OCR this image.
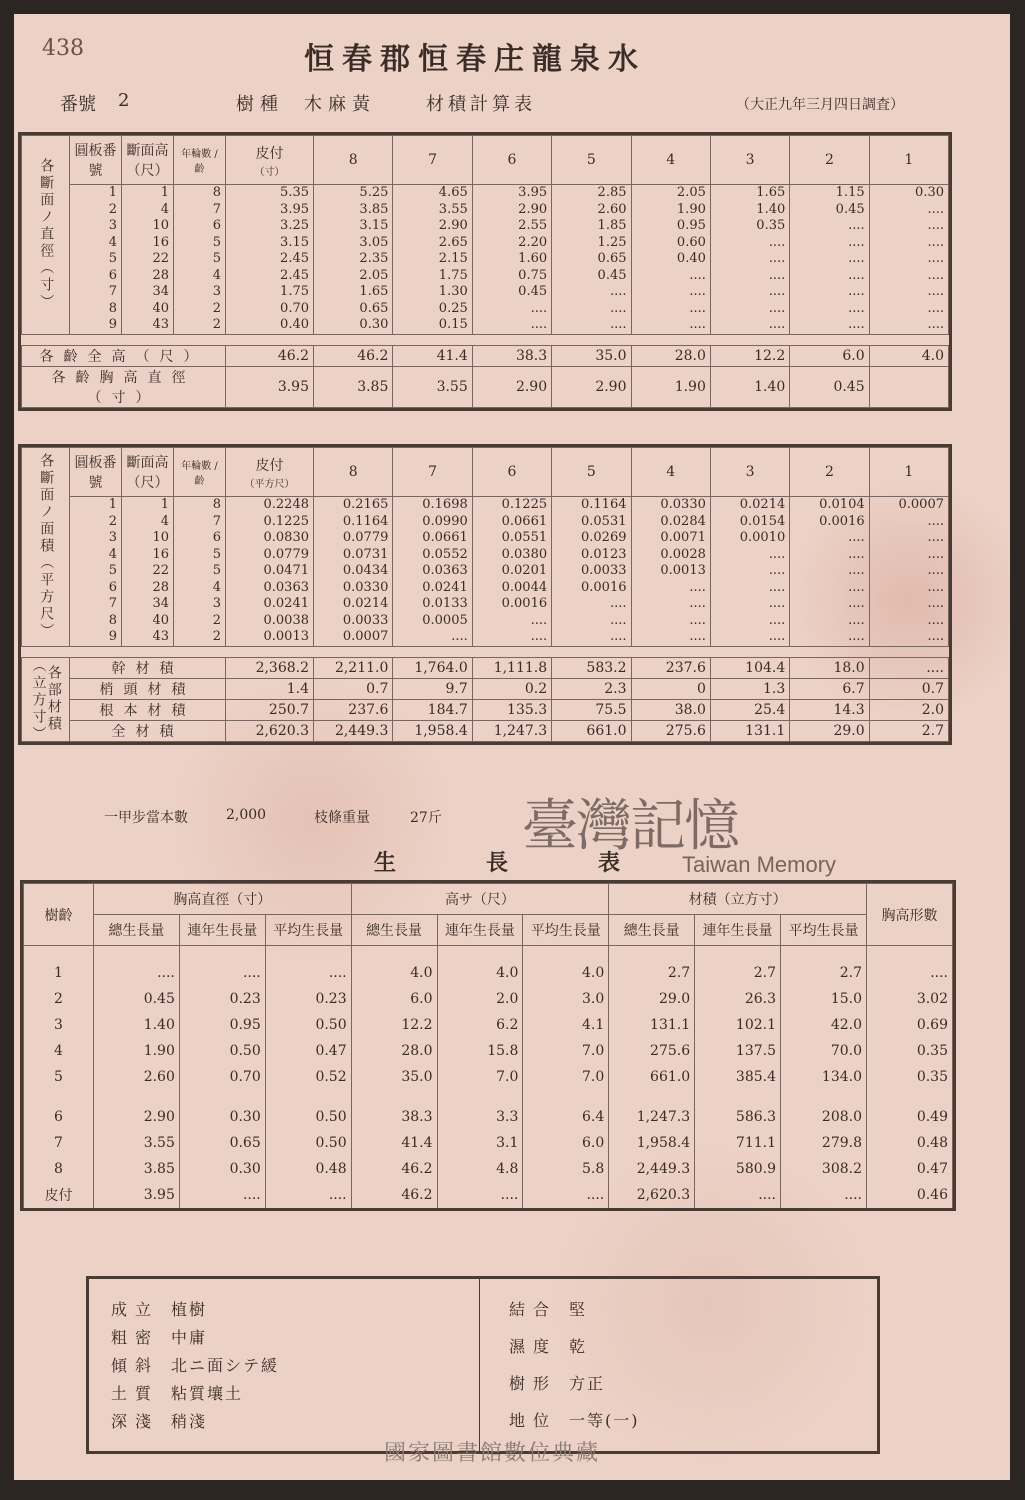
438	恒春郡恒春庄龍泉水
番號 2	樹種 木麻黃	材積計算表	（大正九年三月四日調査）
各斷面ノ直徑（寸）	圓板番號	斷面高（尺）	年輪數 / 齡	皮付
（寸）	8	7	6	5	4	3	2	1
	1	1	8	5.35	5.25	4.65	3.95	2.85	2.05	1.65	1.15	0.30
	2	4	7	3.95	3.85	3.55	2.90	2.60	1.90	1.40	0.45	....
	3	10	6	3.25	3.15	2.90	2.55	1.85	0.95	0.35	....	....
	4	16	5	3.15	3.05	2.65	2.20	1.25	0.60	....	....	....
	5	22	5	2.45	2.35	2.15	1.60	0.65	0.40	....	....	....
	6	28	4	2.45	2.05	1.75	0.75	0.45	....	....	....	....
	7	34	3	1.75	1.65	1.30	0.45	....	....	....	....	....
	8	40	2	0.70	0.65	0.25	....	....	....	....	....	....
	9	43	2	0.40	0.30	0.15	....	....	....	....	....	....

各齡全高（尺）				46.2	46.2	41.4	38.3	35.0	28.0	12.2	6.0	4.0
各齡胸高直徑（寸）				3.95	3.85	3.55	2.90	2.90	1.90	1.40	0.45	
各斷面ノ面積（平方尺）	圓板番號	斷面高（尺）	年輪數 / 齡	皮付
（平方尺）	8	7	6	5	4	3	2	1
	1	1	8	0.2248	0.2165	0.1698	0.1225	0.1164	0.0330	0.0214	0.0104	0.0007
	2	4	7	0.1225	0.1164	0.0990	0.0661	0.0531	0.0284	0.0154	0.0016	....
	3	10	6	0.0830	0.0779	0.0661	0.0551	0.0269	0.0071	0.0010	....	....
	4	16	5	0.0779	0.0731	0.0552	0.0380	0.0123	0.0028	....	....	....
	5	22	5	0.0471	0.0434	0.0363	0.0201	0.0033	0.0013	....	....	....
	6	28	4	0.0363	0.0330	0.0241	0.0044	0.0016	....	....	....	....
	7	34	3	0.0241	0.0214	0.0133	0.0016	....	....	....	....	....
	8	40	2	0.0038	0.0033	0.0005	....	....	....	....	....	....
	9	43	2	0.0013	0.0007	....	....	....	....	....	....	....

各部材積（立方寸）	幹材積			2,368.2	2,211.0	1,764.0	1,111.8	583.2	237.6	104.4	18.0	....
	梢頭材積			1.4	0.7	9.7	0.2	2.3	0	1.3	6.7	0.7
	根本材積			250.7	237.6	184.7	135.3	75.5	38.0	25.4	14.3	2.0
	全材積			2,620.3	2,449.3	1,958.4	1,247.3	661.0	275.6	131.1	29.0	2.7
一甲步當本數	2,000	枝條重量	27斤
生長表
樹齡	胸高直徑（寸）			高サ（尺）			材積（立方寸）			胸高形數
	總生長量	連年生長量	平均生長量	總生長量	連年生長量	平均生長量	總生長量	連年生長量	平均生長量	

1	....	....	....	4.0	4.0	4.0	2.7	2.7	2.7	....
2	0.45	0.23	0.23	6.0	2.0	3.0	29.0	26.3	15.0	3.02
3	1.40	0.95	0.50	12.2	6.2	4.1	131.1	102.1	42.0	0.69
4	1.90	0.50	0.47	28.0	15.8	7.0	275.6	137.5	70.0	0.35
5	2.60	0.70	0.52	35.0	7.0	7.0	661.0	385.4	134.0	0.35
6	2.90	0.30	0.50	38.3	3.3	6.4	1,247.3	586.3	208.0	0.49
7	3.55	0.65	0.50	41.4	3.1	6.0	1,958.4	711.1	279.8	0.48
8	3.85	0.30	0.48	46.2	4.8	5.8	2,449.3	580.9	308.2	0.47
皮付	3.95	....	....	46.2	....	....	2,620.3	....	....	0.46
成立 植樹
粗密 中庸
傾斜 北ニ面シテ緩
土質 粘質壤土
深淺 稍淺
結合 堅
濕度 乾
樹形 方正
地位 一等(一)
臺灣記憶
Taiwan Memory
國家圖書館數位典藏
